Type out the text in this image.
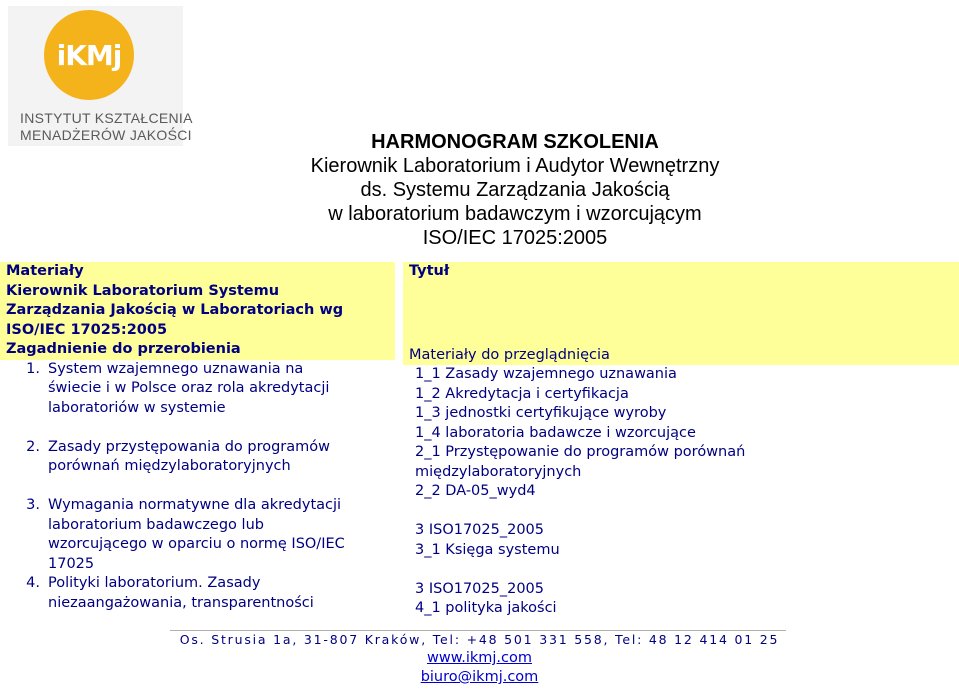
iKMj
INSTYTUT KSZTAŁCENIA
MENADŻERÓW JAKOŚCI	HARMONOGRAM SZKOLENIA
Kierownik Laboratorium i Audytor Wewnętrzny
ds. Systemu Zarządzania Jakością
w laboratorium badawczym i wzorcującym
ISO/IEC 17025:2005
Materiały
Kierownik Laboratorium Systemu
Zarządzania Jakością w Laboratoriach wg
ISO/IEC 17025:2005
Zagadnienie do przerobienia
1. System wzajemnego uznawania na
świecie i w Polsce oraz rola akredytacji
laboratoriów w systemie
2. Zasady przystępowania do programów
porównań międzylaboratoryjnych
3. Wymagania normatywne dla akredytacji
laboratorium badawczego lub
wzorcującego w oparciu o normę ISO/IEC
17025
4. Polityki laboratorium. Zasady
niezaangażowania, transparentności
Tytuł
Materiały do przeglądnięcia
1_1 Zasady wzajemnego uznawania
1_2 Akredytacja i certyfikacja
1_3 jednostki certyfikujące wyroby
1_4 laboratoria badawcze i wzorcujące
2_1 Przystępowanie do programów porównań
międzylaboratoryjnych
2_2 DA-05_wyd4
3 ISO17025_2005
3_1 Księga systemu
3 ISO17025_2005
4_1 polityka jakości
Os. Strusia 1a, 31-807 Kraków, Tel: +48 501 331 558, Tel: 48 12 414 01 25
www.ikmj.com
biuro@ikmj.com
